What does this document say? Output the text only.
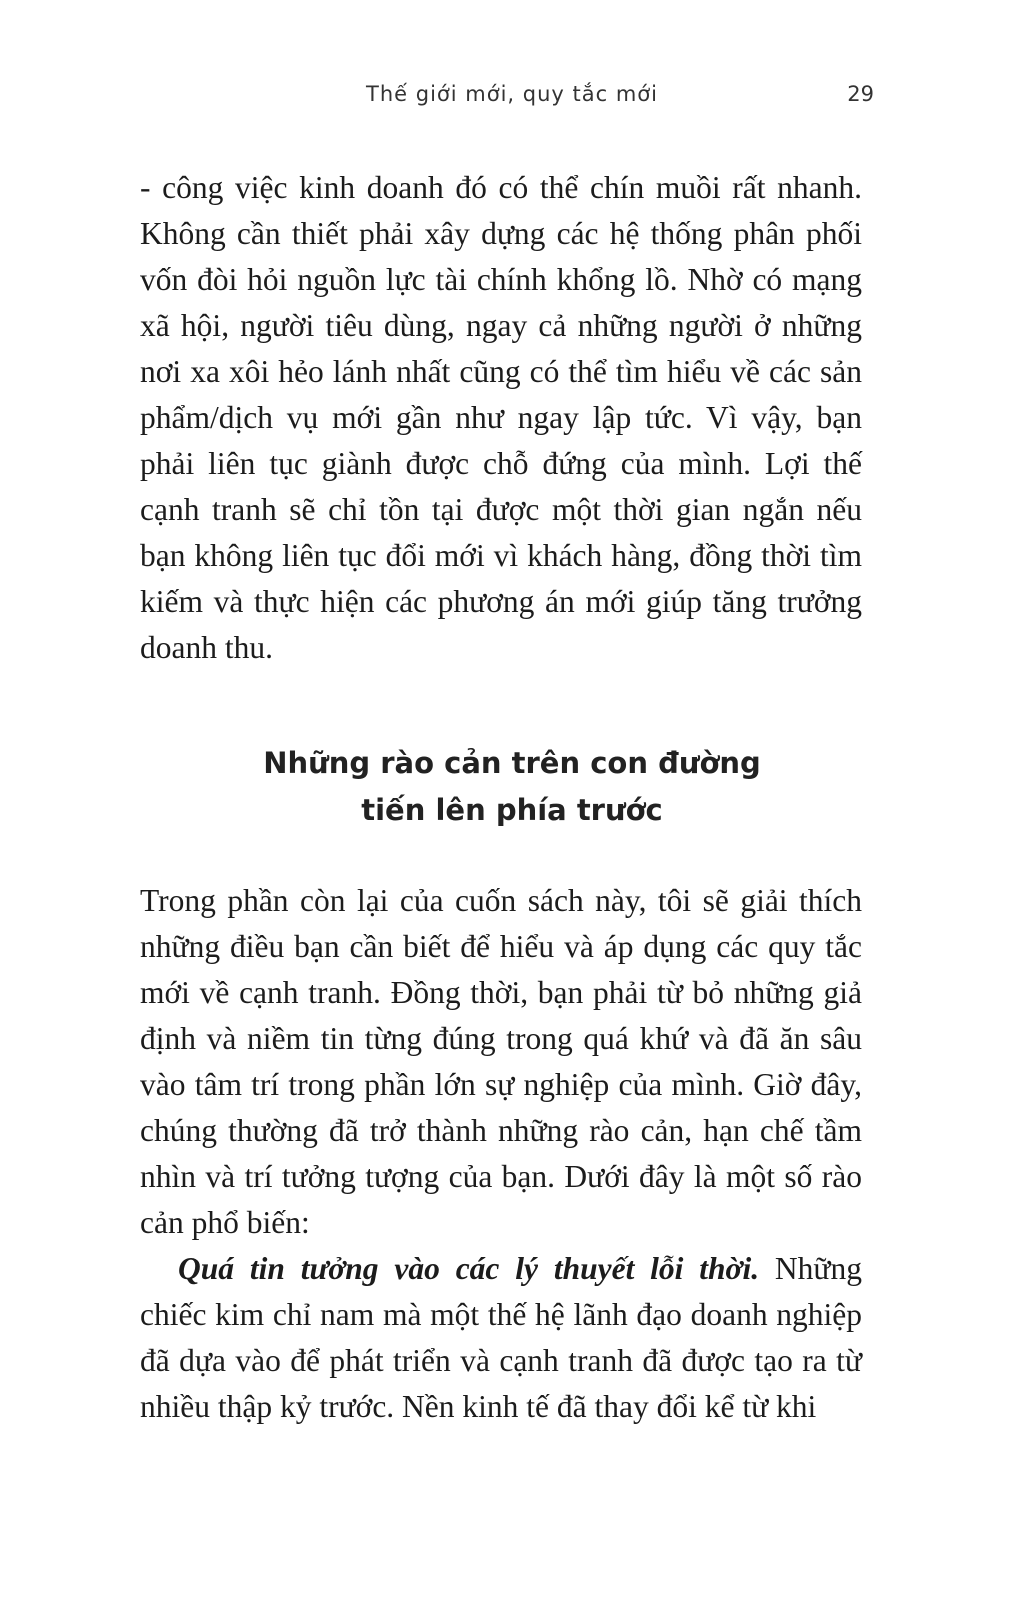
Thế giới mới, quy tắc mới	29

- công việc kinh doanh đó có thể chín muồi rất nhanh. Không cần thiết phải xây dựng các hệ thống phân phối vốn đòi hỏi nguồn lực tài chính khổng lồ. Nhờ có mạng xã hội, người tiêu dùng, ngay cả những người ở những nơi xa xôi hẻo lánh nhất cũng có thể tìm hiểu về các sản phẩm/dịch vụ mới gần như ngay lập tức. Vì vậy, bạn phải liên tục giành được chỗ đứng của mình. Lợi thế cạnh tranh sẽ chỉ tồn tại được một thời gian ngắn nếu bạn không liên tục đổi mới vì khách hàng, đồng thời tìm kiếm và thực hiện các phương án mới giúp tăng trưởng doanh thu.

Những rào cản trên con đường
tiến lên phía trước

Trong phần còn lại của cuốn sách này, tôi sẽ giải thích những điều bạn cần biết để hiểu và áp dụng các quy tắc mới về cạnh tranh. Đồng thời, bạn phải từ bỏ những giả định và niềm tin từng đúng trong quá khứ và đã ăn sâu vào tâm trí trong phần lớn sự nghiệp của mình. Giờ đây, chúng thường đã trở thành những rào cản, hạn chế tầm nhìn và trí tưởng tượng của bạn. Dưới đây là một số rào cản phổ biến:

Quá tin tưởng vào các lý thuyết lỗi thời. Những chiếc kim chỉ nam mà một thế hệ lãnh đạo doanh nghiệp đã dựa vào để phát triển và cạnh tranh đã được tạo ra từ nhiều thập kỷ trước. Nền kinh tế đã thay đổi kể từ khi
